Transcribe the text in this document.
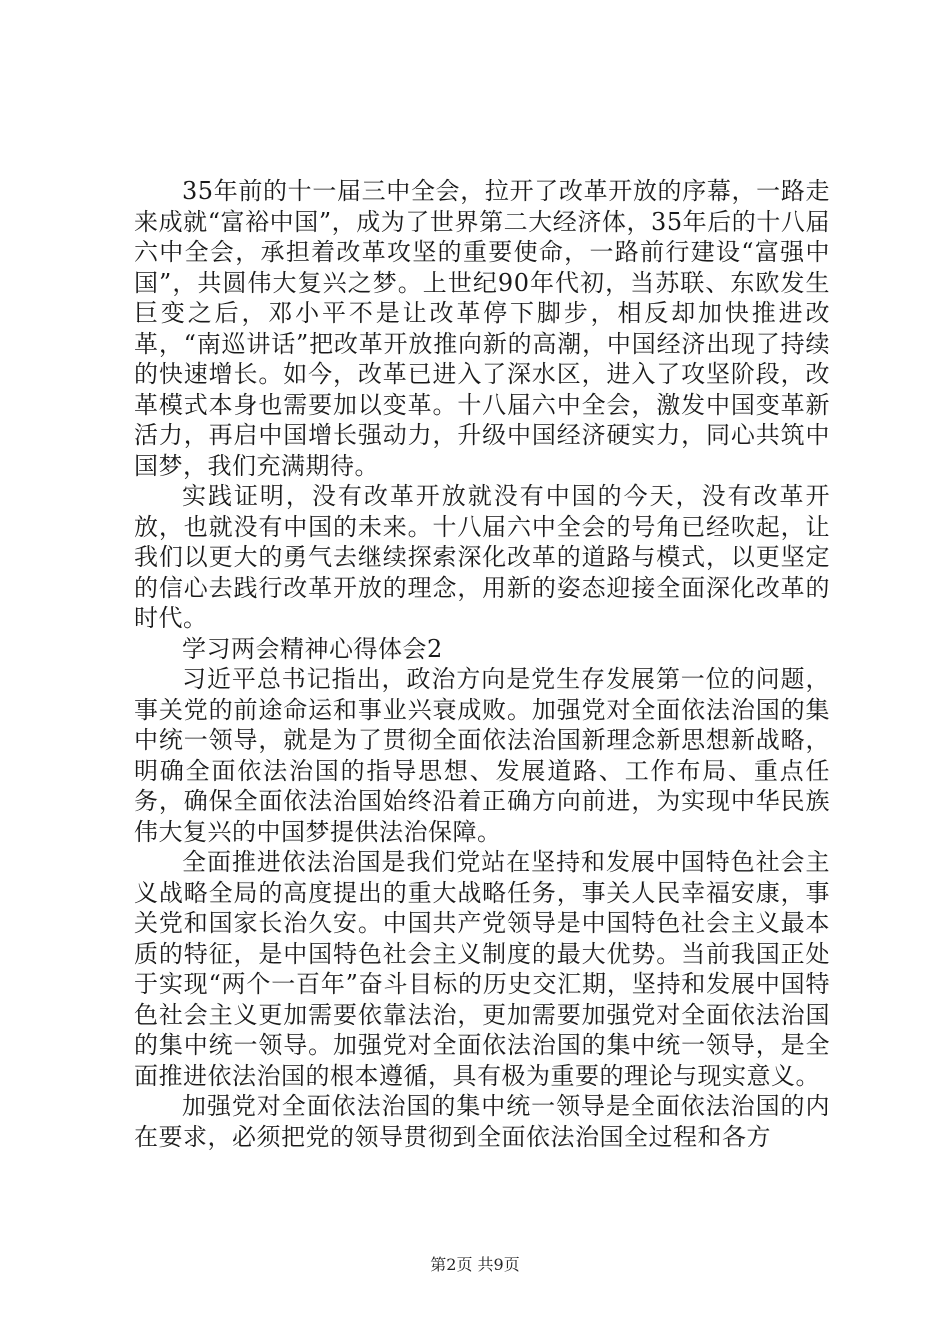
35年前的十一届三中全会，拉开了改革开放的序幕，一路走来成就“富裕中国”，成为了世界第二大经济体，35年后的十八届六中全会，承担着改革攻坚的重要使命，一路前行建设“富强中国”，共圆伟大复兴之梦。上世纪90年代初，当苏联、东欧发生巨变之后，邓小平不是让改革停下脚步，相反却加快推进改革，“南巡讲话”把改革开放推向新的高潮，中国经济出现了持续的快速增长。如今，改革已进入了深水区，进入了攻坚阶段，改革模式本身也需要加以变革。十八届六中全会，激发中国变革新活力，再启中国增长强动力，升级中国经济硬实力，同心共筑中国梦，我们充满期待。

实践证明，没有改革开放就没有中国的今天，没有改革开放，也就没有中国的未来。十八届六中全会的号角已经吹起，让我们以更大的勇气去继续探索深化改革的道路与模式，以更坚定的信心去践行改革开放的理念，用新的姿态迎接全面深化改革的时代。

学习两会精神心得体会2

习近平总书记指出，政治方向是党生存发展第一位的问题，事关党的前途命运和事业兴衰成败。加强党对全面依法治国的集中统一领导，就是为了贯彻全面依法治国新理念新思想新战略，明确全面依法治国的指导思想、发展道路、工作布局、重点任务，确保全面依法治国始终沿着正确方向前进，为实现中华民族伟大复兴的中国梦提供法治保障。

全面推进依法治国是我们党站在坚持和发展中国特色社会主义战略全局的高度提出的重大战略任务，事关人民幸福安康，事关党和国家长治久安。中国共产党领导是中国特色社会主义最本质的特征，是中国特色社会主义制度的最大优势。当前我国正处于实现“两个一百年”奋斗目标的历史交汇期，坚持和发展中国特色社会主义更加需要依靠法治，更加需要加强党对全面依法治国的集中统一领导。加强党对全面依法治国的集中统一领导，是全面推进依法治国的根本遵循，具有极为重要的理论与现实意义。

加强党对全面依法治国的集中统一领导是全面依法治国的内在要求，必须把党的领导贯彻到全面依法治国全过程和各方

第2页 共9页
